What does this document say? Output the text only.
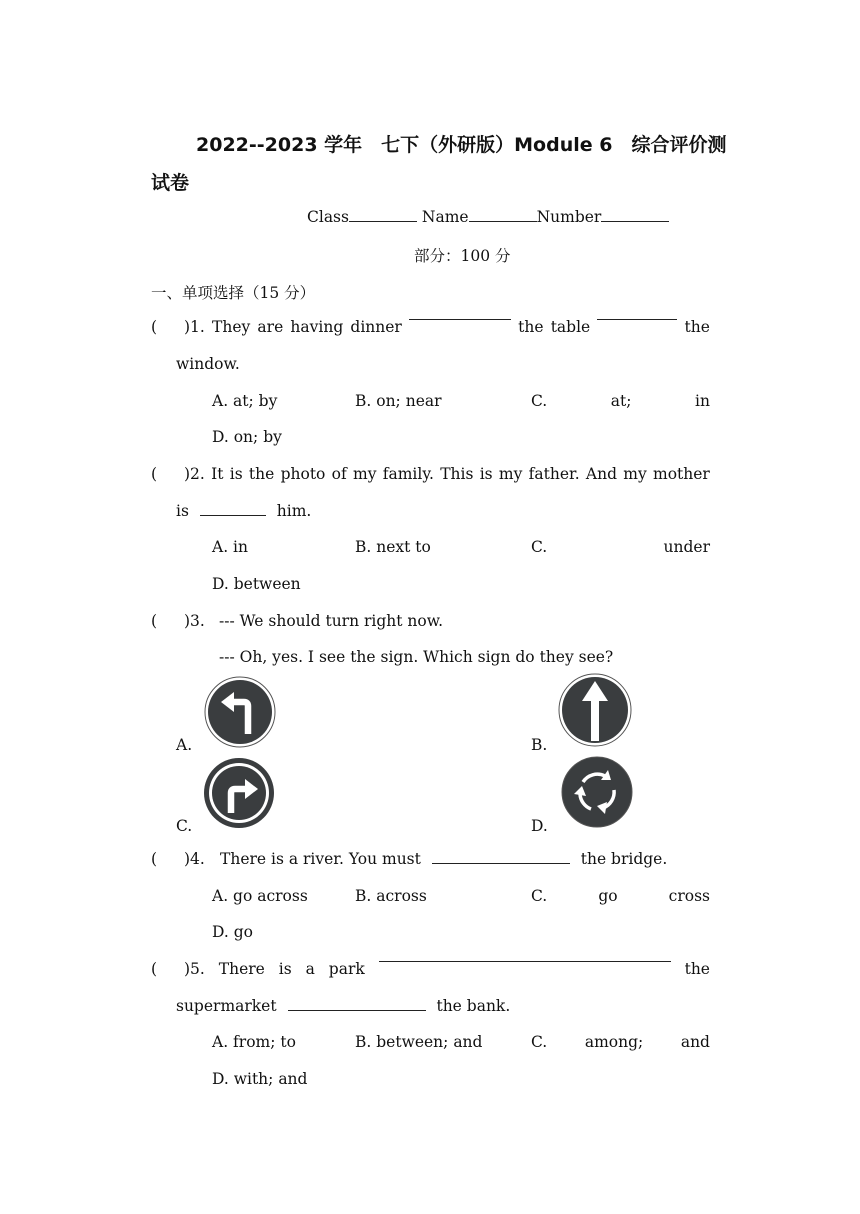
2022--2023 学年　七下（外研版）Module 6　综合评价测
试卷
Class	Name	Number
部分：100 分
一、单项选择（15 分）
( )1. They are having dinner	the table	the
window.
A. at; by	B. on; near	C.	at;	in
D. on; by
( )2. It is the photo of my family. This is my father. And my mother
is	him.
A. in	B. next to	C.	under
D. between
( )3. --- We should turn right now.
--- Oh, yes. I see the sign. Which sign do they see?
A.	B.
C.	D.
( )4. There is a river. You must	the bridge.
A. go across	B. across	C.	go	cross
D. go
( )5. There is a park	the
supermarket	the bank.
A. from; to	B. between; and	C. among; and
D. with; and
